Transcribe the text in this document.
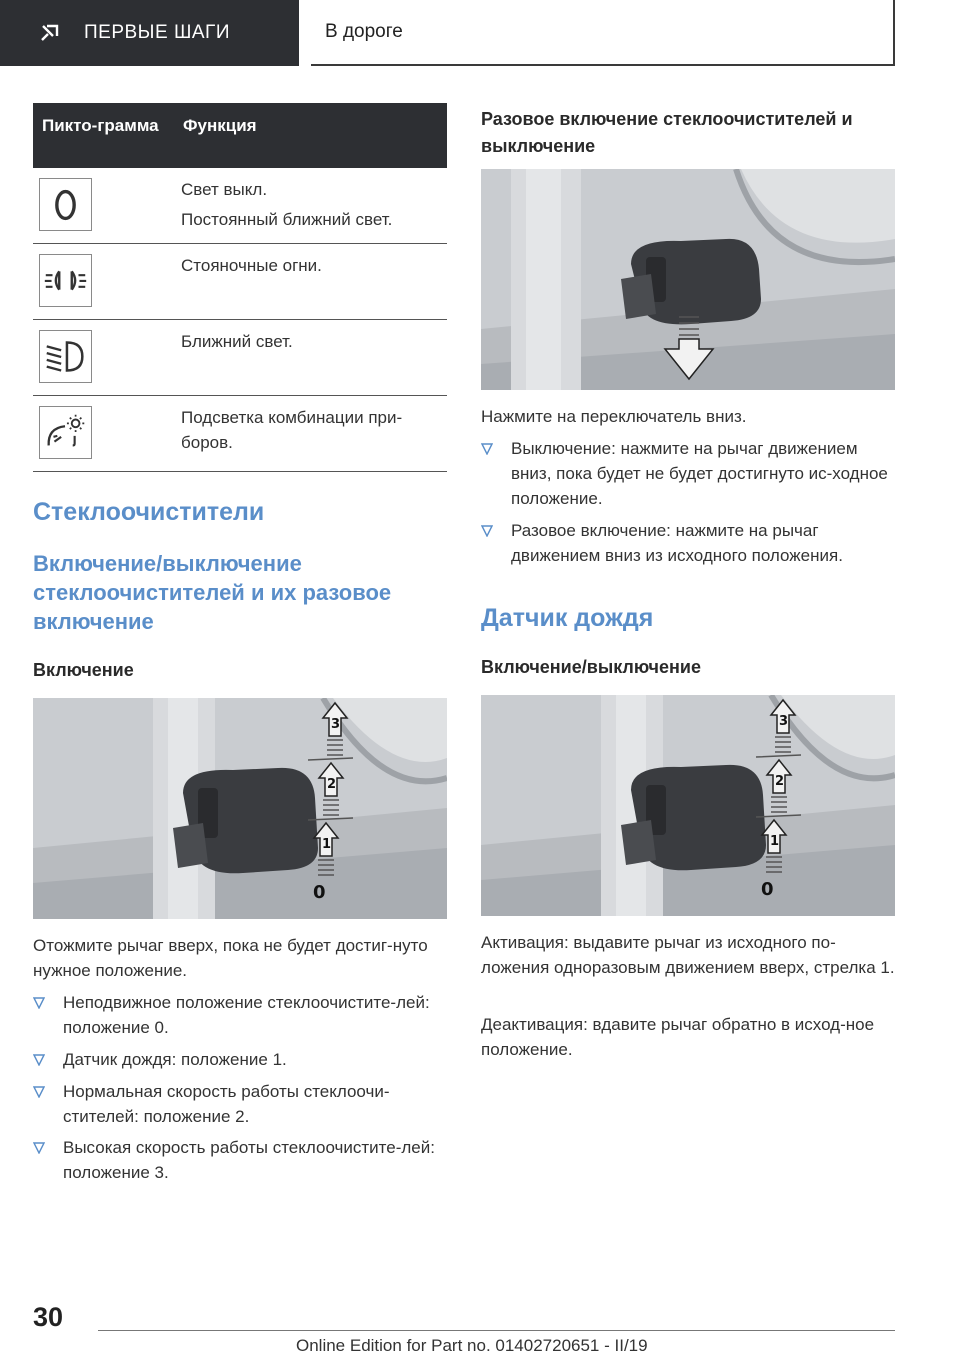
ПЕРВЫЕ ШАГИ	В дороге
Пикто-грамма Функция

Свет выкл.

Постоянный ближний свет.

Стояночные огни.

Ближний свет.

Подсветка комбинации при-боров.

Стеклоочистители
Включение/выключение стеклоочистителей и их разовое включение
Включение
3
2
1
0

Отожмите рычаг вверх, пока не будет достиг-нуто нужное положение.

Неподвижное положение стеклоочистите-лей: положение 0.
Датчик дождя: положение 1.
Нормальная скорость работы стеклоочи-стителей: положение 2.
Высокая скорость работы стеклоочистите-лей: положение 3.
Разовое включение стеклоочистителей и выключение

Нажмите на переключатель вниз.

Выключение: нажмите на рычаг движением вниз, пока будет не будет достигнуто ис-ходное положение.
Разовое включение: нажмите на рычаг движением вниз из исходного положения.
Датчик дождя
Включение/выключение
3
2
1
0

Активация: выдавите рычаг из исходного по-ложения одноразовым движением вверх, стрелка 1.

Деактивация: вдавите рычаг обратно в исход-ное положение.

30
Online Edition for Part no. 01402720651 - II/19
